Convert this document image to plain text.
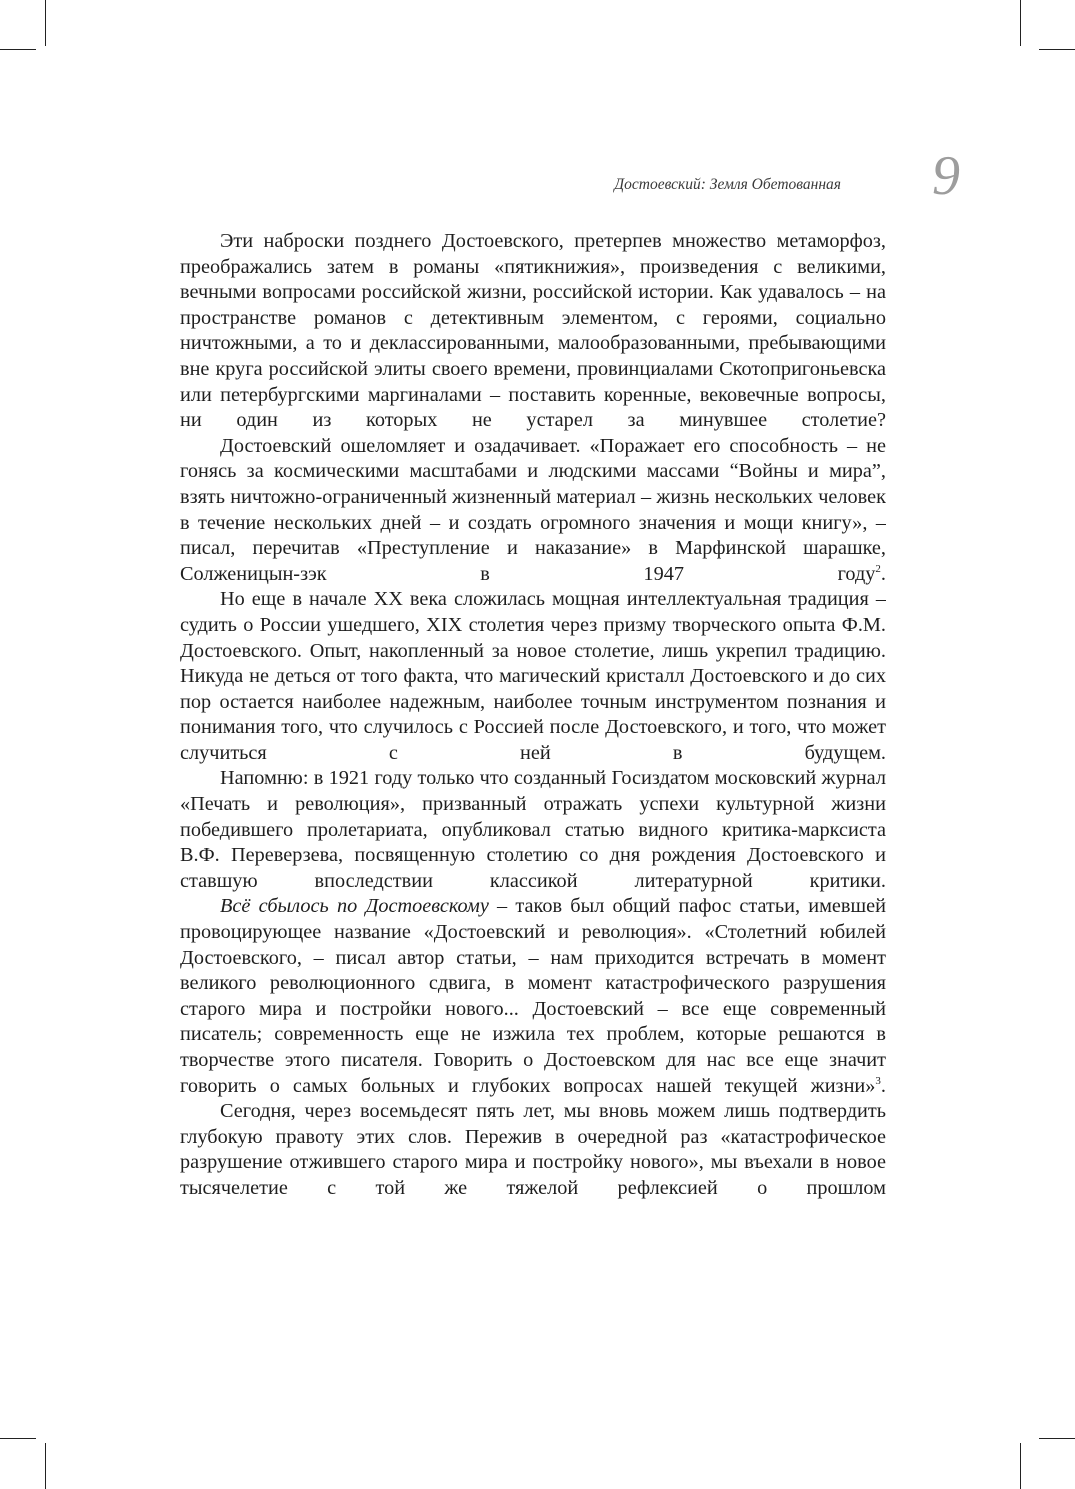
Достоевский: Земля Обетованная 9

Эти наброски позднего Достоевского, претерпев множество метаморфоз, преображались затем в романы «пятикнижия», произведения с великими, вечными вопросами российской жизни, российской истории. Как удавалось – на пространстве романов с детективным элементом, с героями, социально ничтожными, а то и деклассированными, малообразованными, пребывающими вне круга российской элиты своего времени, провинциалами Скотопригоньевска или петербургскими маргиналами – поставить коренные, вековечные вопросы, ни один из которых не устарел за минувшее столетие?

Достоевский ошеломляет и озадачивает. «Поражает его способность – не гонясь за космическими масштабами и людскими массами “Войны и мира”, взять ничтожно-ограниченный жизненный материал – жизнь нескольких человек в течение нескольких дней – и создать огромного значения и мощи книгу», – писал, перечитав «Преступление и наказание» в Марфинской шарашке, Солженицын-зэк в 1947 году$^2$.

Но еще в начале XX века сложилась мощная интеллектуальная традиция – судить о России ушедшего, XIX столетия через призму творческого опыта Ф.М. Достоевского. Опыт, накопленный за новое столетие, лишь укрепил традицию. Никуда не деться от того факта, что магический кристалл Достоевского и до сих пор остается наиболее надежным, наиболее точным инструментом познания и понимания того, что случилось с Россией после Достоевского, и того, что может случиться с ней в будущем.

Напомню: в 1921 году только что созданный Госиздатом московский журнал «Печать и революция», призванный отражать успехи культурной жизни победившего пролетариата, опубликовал статью видного критика-марксиста В.Ф. Переверзева, посвященную столетию со дня рождения Достоевского и ставшую впоследствии классикой литературной критики.

Всё сбылось по Достоевскому – таков был общий пафос статьи, имевшей провоцирующее название «Достоевский и революция». «Столетний юбилей Достоевского, – писал автор статьи, – нам приходится встречать в момент великого революционного сдвига, в момент катастрофического разрушения старого мира и постройки нового... Достоевский – все еще современный писатель; современность еще не изжила тех проблем, которые решаются в творчестве этого писателя. Говорить о Достоевском для нас все еще значит говорить о самых больных и глубоких вопросах нашей текущей жизни»$^3$.

Сегодня, через восемьдесят пять лет, мы вновь можем лишь подтвердить глубокую правоту этих слов. Пережив в очередной раз «катастрофическое разрушение отжившего старого мира и постройку нового», мы въехали в новое тысячелетие с той же тяжелой рефлексией о прошлом
